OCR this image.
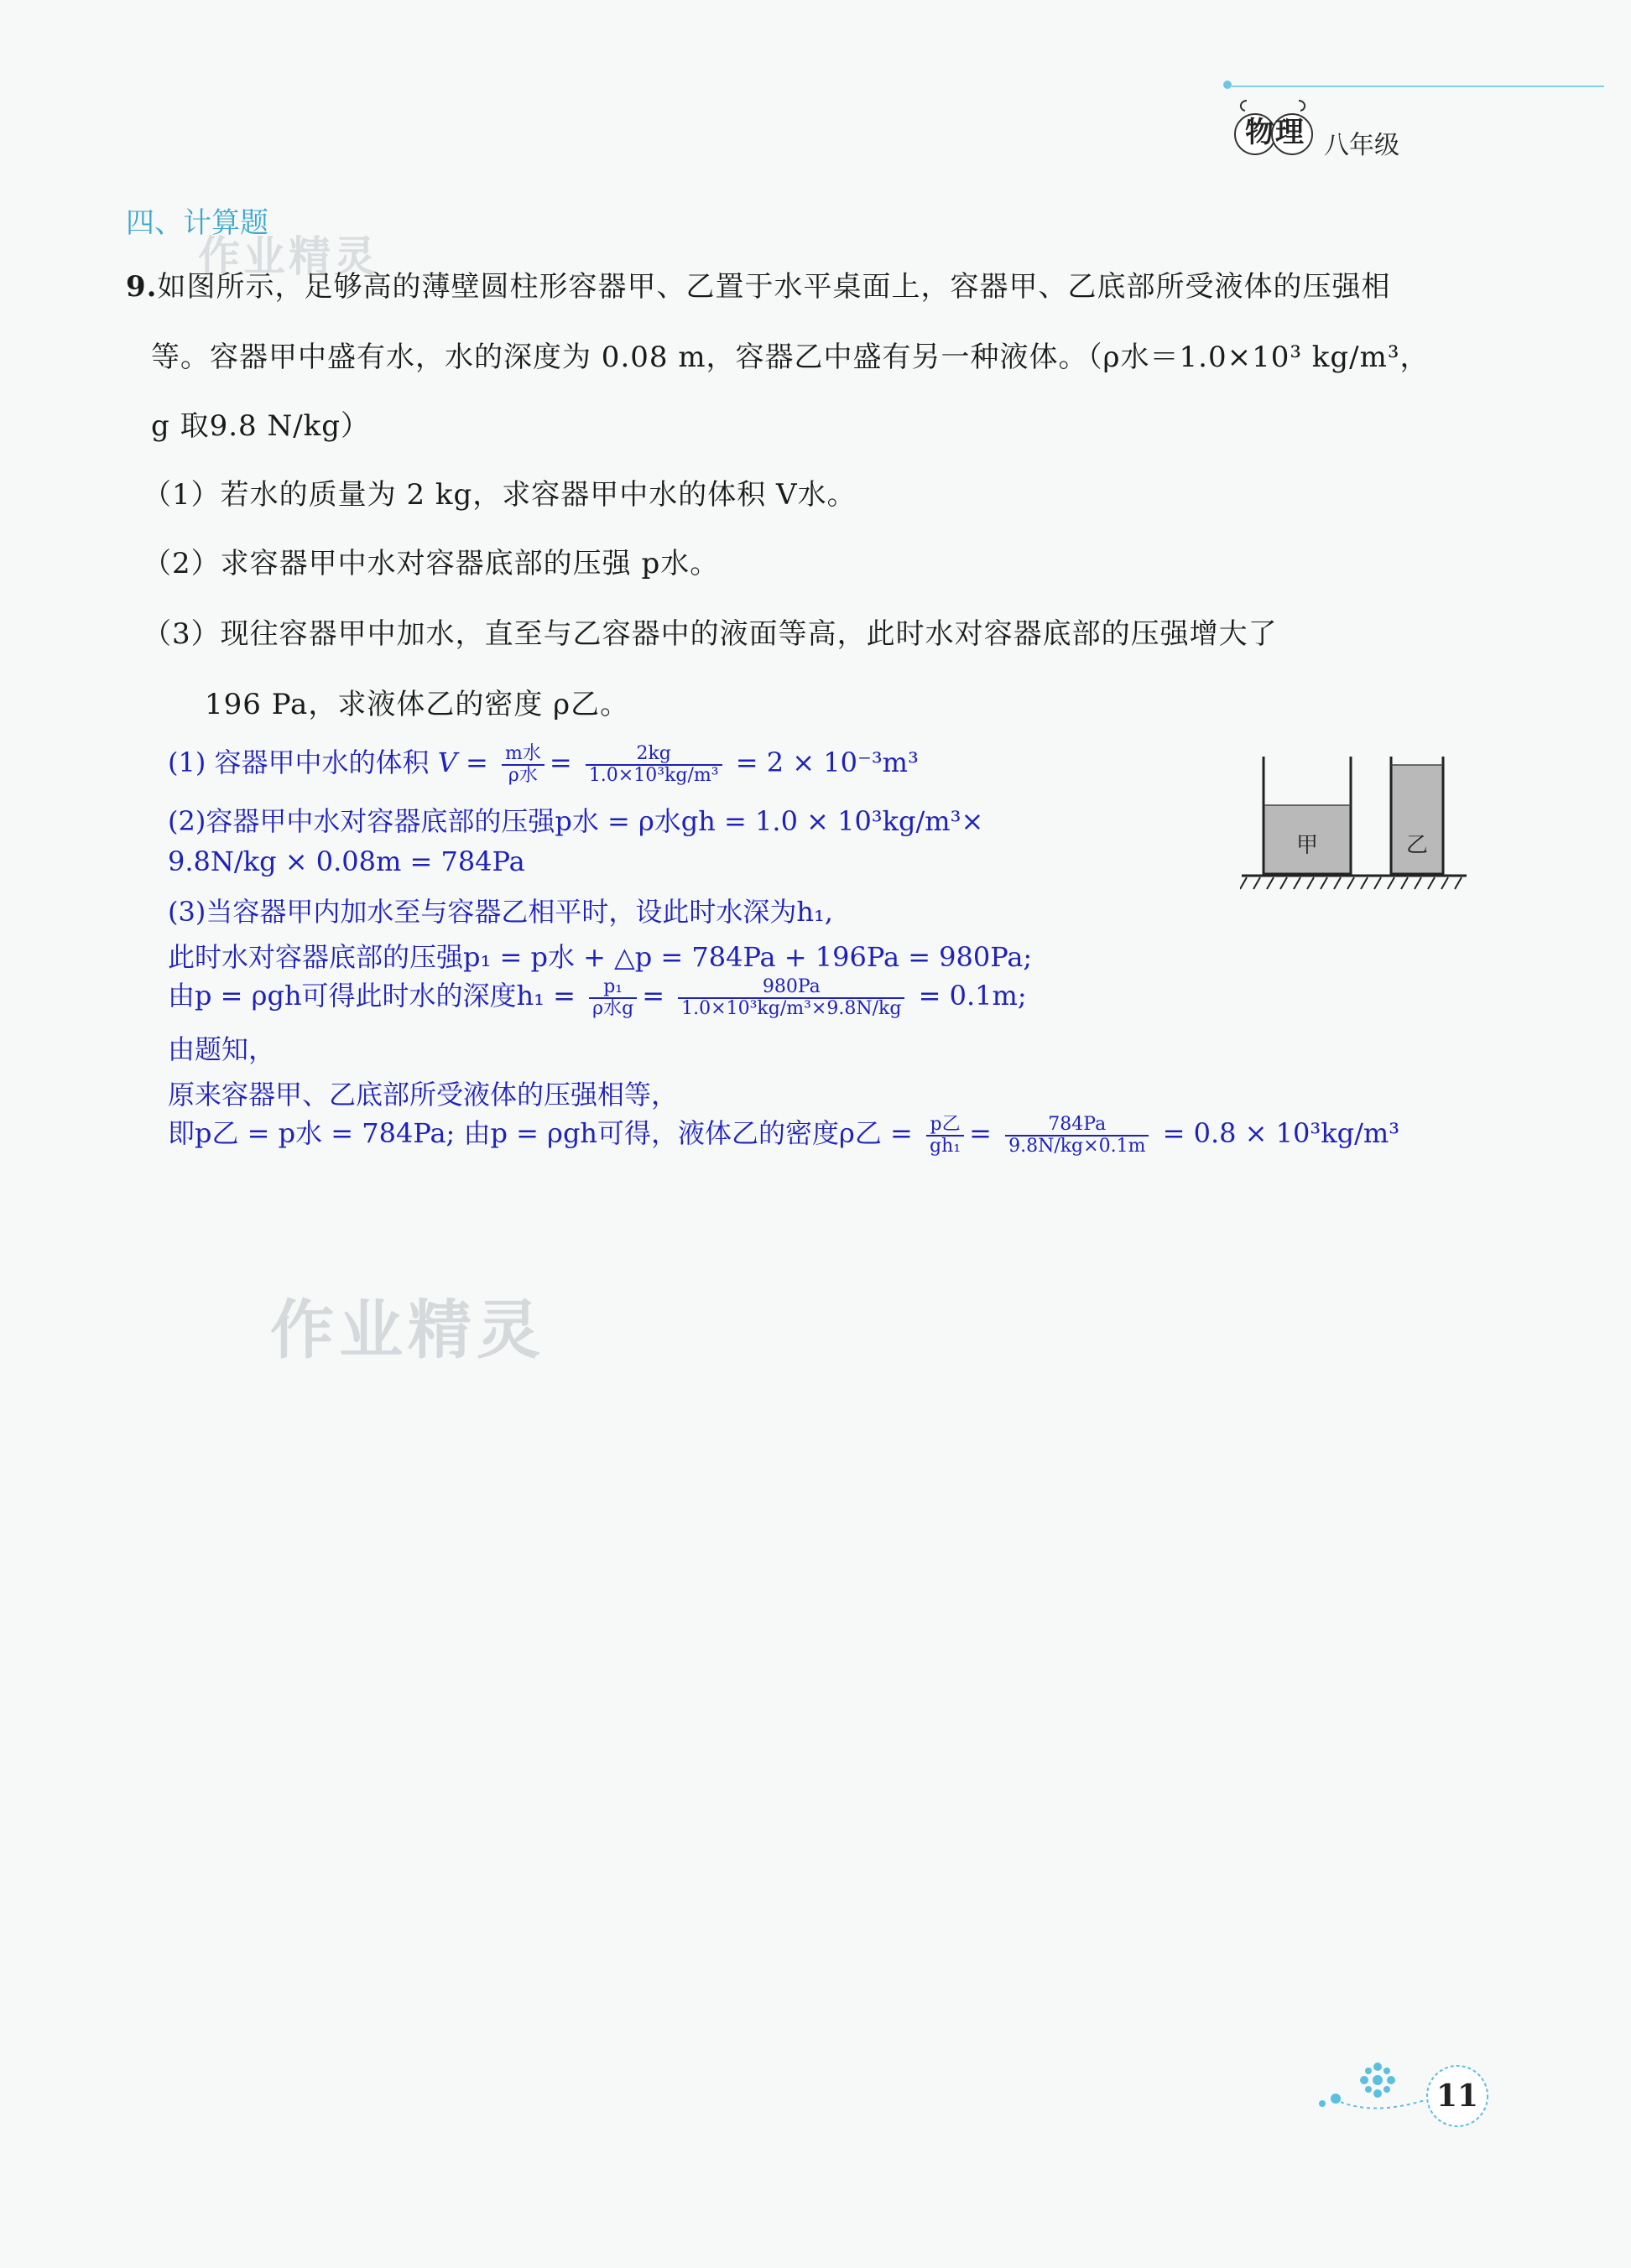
物理 八年级
四、计算题
作业精灵
9.如图所示，足够高的薄壁圆柱形容器甲、乙置于水平桌面上，容器甲、乙底部所受液体的压强相
等。容器甲中盛有水，水的深度为 0.08 m，容器乙中盛有另一种液体。（ρ水＝1.0×10³ kg/m³，
g 取9.8 N/kg）
（1）若水的质量为 2 kg，求容器甲中水的体积 V水。
（2）求容器甲中水对容器底部的压强 p水。
（3）现往容器甲中加水，直至与乙容器中的液面等高，此时水对容器底部的压强增大了
196 Pa，求液体乙的密度 ρ乙。
(1) 容器甲中水的体积 $V = \frac{\text{m水}}{\text{ρ水}} = \frac{2kg}{\text{1.0×10³kg/m³}} = 2 \times 10^{-3}m^3$
(2)容器甲中水对容器底部的压强p水 = ρ水gh = 1.0 × 10³kg/m³×
9.8N/kg × 0.08m = 784Pa
(3)当容器甲内加水至与容器乙相平时，设此时水深为h₁,
此时水对容器底部的压强p₁ = p水 + △p = 784Pa + 196Pa = 980Pa;
由p = ρgh可得此时水的深度$h_1 = \frac{\text{p₁}}{\text{ρ水g}} = \frac{980Pa}{\text{1.0×10³kg/m³×9.8N/kg}} = 0.1m$;
由题知，
原来容器甲、乙底部所受液体的压强相等，
即p乙 = p水 = 784Pa; 由p = ρgh可得，液体乙的密度ρ乙 = $\frac{\text{p乙}}{\text{gh₁}} = \frac{784Pa}{9.8N/kg\times 0.1m} = 0.8 \times 10^3kg/m^3$
甲	乙
作业精灵
11
